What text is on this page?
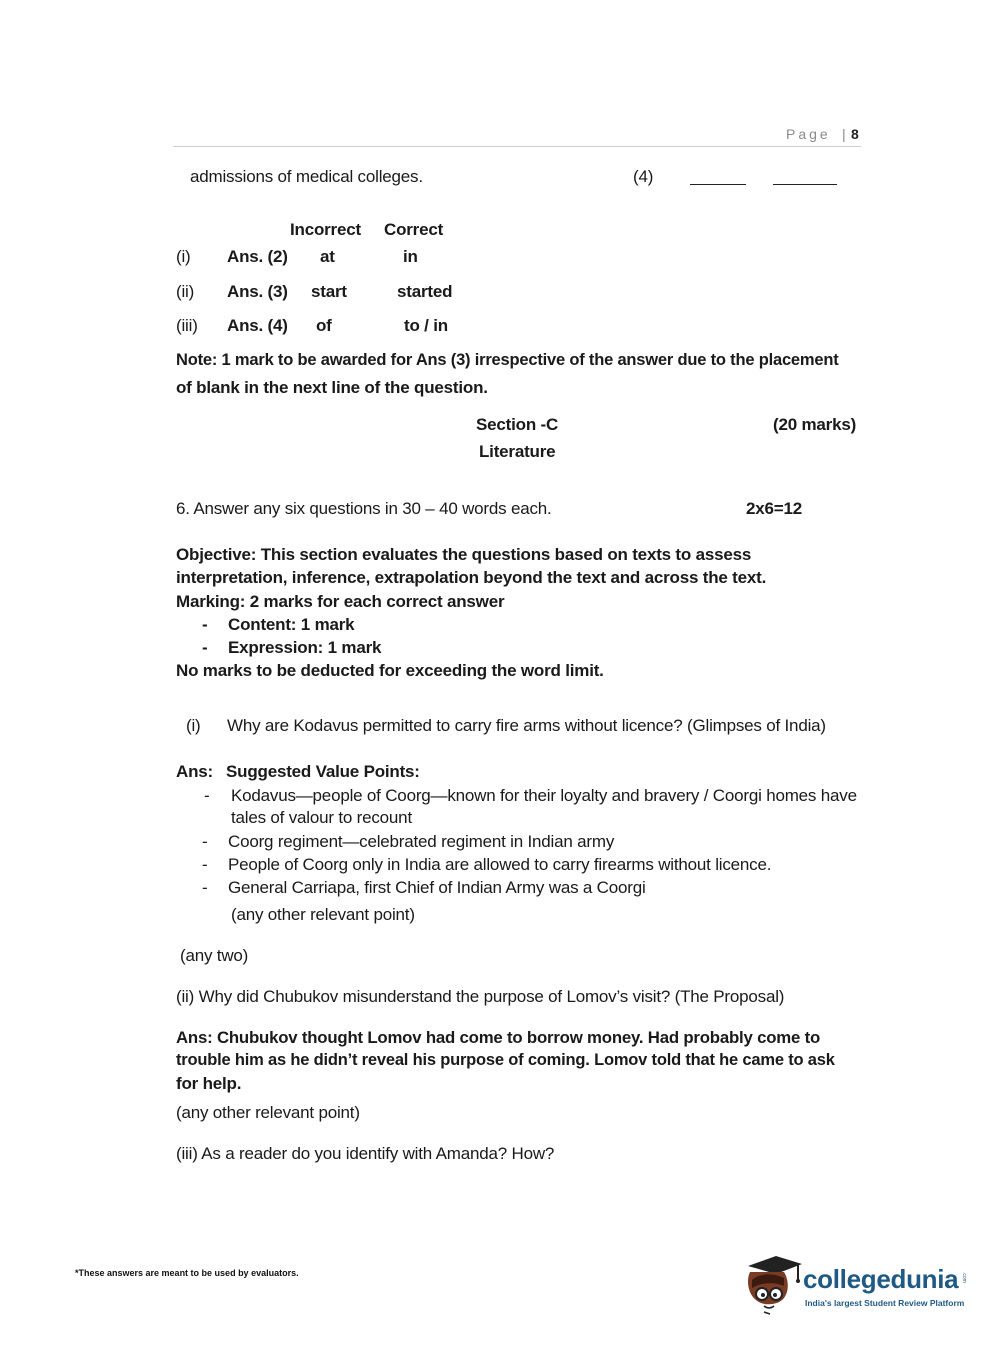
Page | 8
admissions of medical colleges.	(4)
Incorrect Correct
(i) Ans. (2) at	in
(ii) Ans. (3) start	started
(iii) Ans. (4) of	to / in
Note: 1 mark to be awarded for Ans (3) irrespective of the answer due to the placement
of blank in the next line of the question.
Section -C	(20 marks)
Literature
6. Answer any six questions in 30 – 40 words each.	2x6=12
Objective: This section evaluates the questions based on texts to assess
interpretation, inference, extrapolation beyond the text and across the text.
Marking: 2 marks for each correct answer
- Content: 1 mark
- Expression: 1 mark
No marks to be deducted for exceeding the word limit.
(i) Why are Kodavus permitted to carry fire arms without licence? (Glimpses of India)
Ans: Suggested Value Points:
- Kodavus—people of Coorg—known for their loyalty and bravery / Coorgi homes have
tales of valour to recount
- Coorg regiment—celebrated regiment in Indian army
- People of Coorg only in India are allowed to carry firearms without licence.
- General Carriapa, first Chief of Indian Army was a Coorgi
(any other relevant point)
(any two)
(ii) Why did Chubukov misunderstand the purpose of Lomov’s visit? (The Proposal)
Ans: Chubukov thought Lomov had come to borrow money. Had probably come to
trouble him as he didn’t reveal his purpose of coming. Lomov told that he came to ask
for help.
(any other relevant point)
(iii) As a reader do you identify with Amanda? How?
*These answers are meant to be used by evaluators.	collegedunia .com
India's largest Student Review Platform
